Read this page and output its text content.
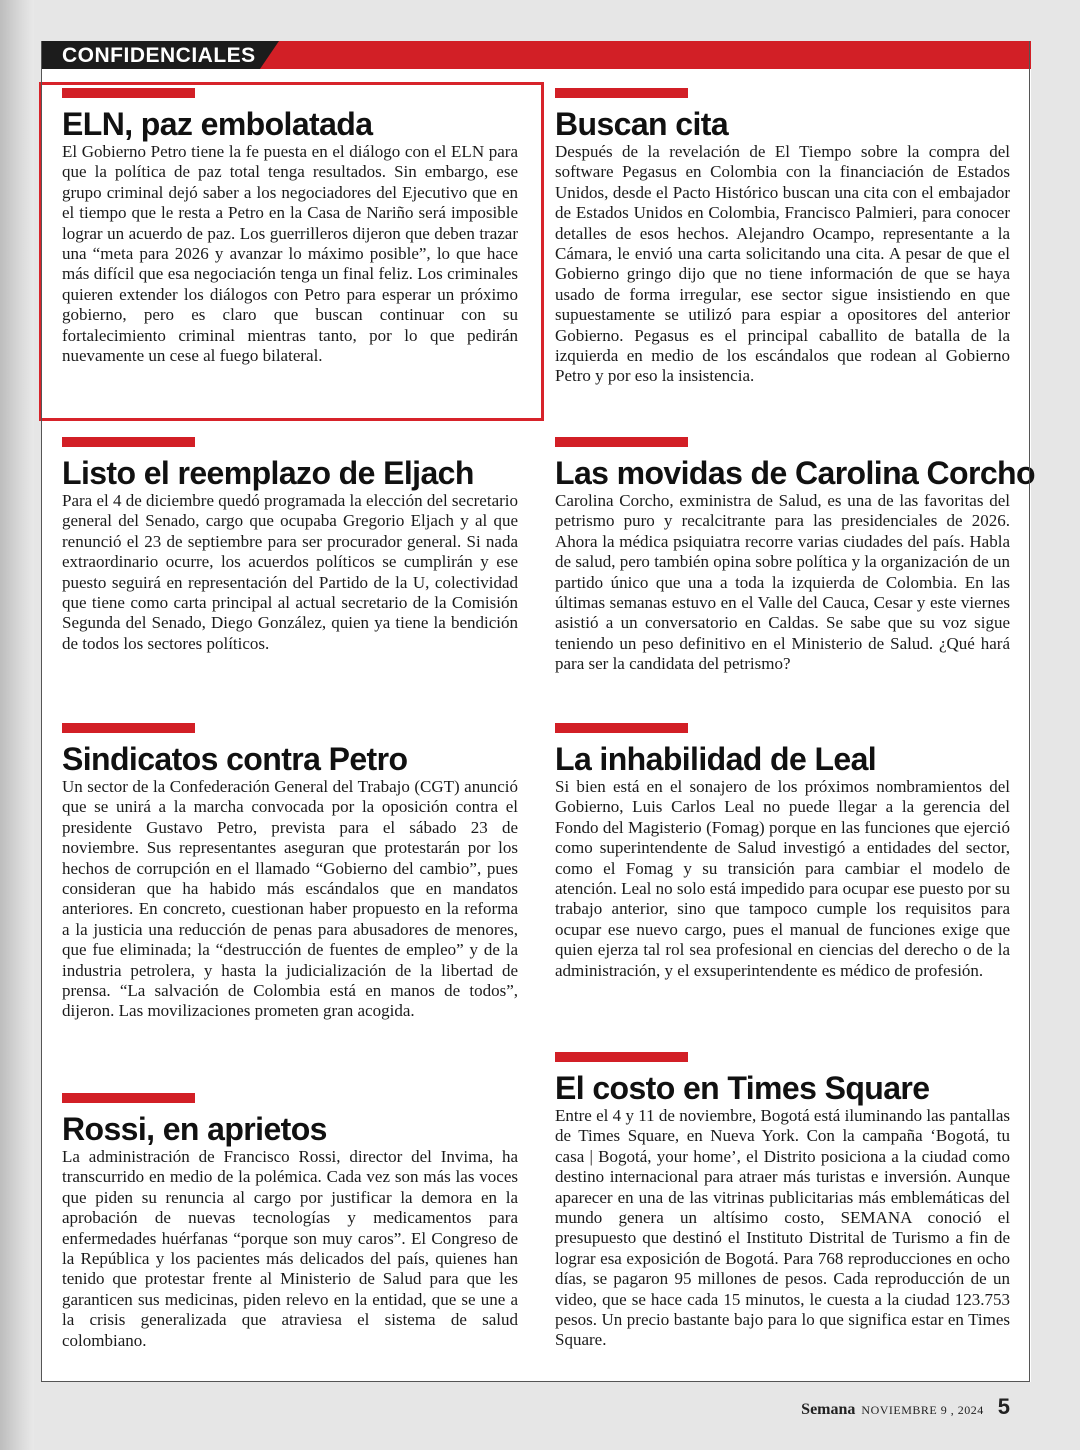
CONFIDENCIALES
ELN, paz embolatada

El Gobierno Petro tiene la fe puesta en el diálogo con el ELN para que la política de paz total tenga resultados. Sin embargo, ese grupo criminal dejó saber a los negociadores del Ejecutivo que en el tiempo que le resta a Petro en la Casa de Nariño será imposible lograr un acuerdo de paz. Los guerrilleros dijeron que deben trazar una “meta para 2026 y avanzar lo máximo posible”, lo que hace más difícil que esa negociación tenga un final feliz. Los criminales quieren extender los diálogos con Petro para esperar un próximo gobierno, pero es claro que buscan continuar con su fortalecimiento criminal mientras tanto, por lo que pedirán nuevamente un cese al fuego bilateral.

Listo el reemplazo de Eljach

Para el 4 de diciembre quedó programada la elección del secretario general del Senado, cargo que ocupaba Gregorio Eljach y al que renunció el 23 de septiembre para ser procurador general. Si nada extraordinario ocurre, los acuerdos políticos se cumplirán y ese puesto seguirá en representación del Partido de la U, colectividad que tiene como carta principal al actual secretario de la Comisión Segunda del Senado, Diego González, quien ya tiene la bendición de todos los sectores políticos.

Sindicatos contra Petro

Un sector de la Confederación General del Trabajo (CGT) anunció que se unirá a la marcha convocada por la oposición contra el presidente Gustavo Petro, prevista para el sábado 23 de noviembre. Sus representantes aseguran que protestarán por los hechos de corrupción en el llamado “Gobierno del cambio”, pues consideran que ha habido más escándalos que en mandatos anteriores. En concreto, cuestionan haber propuesto en la reforma a la justicia una reducción de penas para abusadores de menores, que fue eliminada; la “destrucción de fuentes de empleo” y de la industria petrolera, y hasta la judicialización de la libertad de prensa. “La salvación de Colombia está en manos de todos”, dijeron. Las movilizaciones prometen gran acogida.

Rossi, en aprietos

La administración de Francisco Rossi, director del Invima, ha transcurrido en medio de la polémica. Cada vez son más las voces que piden su renuncia al cargo por justificar la demora en la aprobación de nuevas tecnologías y medicamentos para enfermedades huérfanas “porque son muy caros”. El Congreso de la República y los pacientes más delicados del país, quienes han tenido que protestar frente al Ministerio de Salud para que les garanticen sus medicinas, piden relevo en la entidad, que se une a la crisis generalizada que atraviesa el sistema de salud colombiano.

Buscan cita

Después de la revelación de El Tiempo sobre la compra del software Pegasus en Colombia con la financiación de Estados Unidos, desde el Pacto Histórico buscan una cita con el embajador de Estados Unidos en Colombia, Francisco Palmieri, para conocer detalles de esos hechos. Alejandro Ocampo, representante a la Cámara, le envió una carta solicitando una cita. A pesar de que el Gobierno gringo dijo que no tiene información de que se haya usado de forma irregular, ese sector sigue insistiendo en que supuestamente se utilizó para espiar a opositores del anterior Gobierno. Pegasus es el principal caballito de batalla de la izquierda en medio de los escándalos que rodean al Gobierno Petro y por eso la insistencia.

Las movidas de Carolina Corcho

Carolina Corcho, exministra de Salud, es una de las favoritas del petrismo puro y recalcitrante para las presidenciales de 2026. Ahora la médica psiquiatra recorre varias ciudades del país. Habla de salud, pero también opina sobre política y la organización de un partido único que una a toda la izquierda de Colombia. En las últimas semanas estuvo en el Valle del Cauca, Cesar y este viernes asistió a un conversatorio en Caldas. Se sabe que su voz sigue teniendo un peso definitivo en el Ministerio de Salud. ¿Qué hará para ser la candidata del petrismo?

La inhabilidad de Leal

Si bien está en el sonajero de los próximos nombramientos del Gobierno, Luis Carlos Leal no puede llegar a la gerencia del Fondo del Magisterio (Fomag) porque en las funciones que ejerció como superintendente de Salud investigó a entidades del sector, como el Fomag y su transición para cambiar el modelo de atención. Leal no solo está impedido para ocupar ese puesto por su trabajo anterior, sino que tampoco cumple los requisitos para ocupar ese nuevo cargo, pues el manual de funciones exige que quien ejerza tal rol sea profesional en ciencias del derecho o de la administración, y el exsuperintendente es médico de profesión.

El costo en Times Square

Entre el 4 y 11 de noviembre, Bogotá está iluminando las pantallas de Times Square, en Nueva York. Con la campaña ‘Bogotá, tu casa | Bogotá, your home’, el Distrito posiciona a la ciudad como destino internacional para atraer más turistas e inversión. Aunque aparecer en una de las vitrinas publicitarias más emblemáticas del mundo genera un altísimo costo, SEMANA conoció el presupuesto que destinó el Instituto Distrital de Turismo a fin de lograr esa exposición de Bogotá. Para 768 reproducciones en ocho días, se pagaron 95 millones de pesos. Cada reproducción de un video, que se hace cada 15 minutos, le cuesta a la ciudad 123.753 pesos. Un precio bastante bajo para lo que significa estar en Times Square.

Semana NOVIEMBRE 9 , 2024 5
